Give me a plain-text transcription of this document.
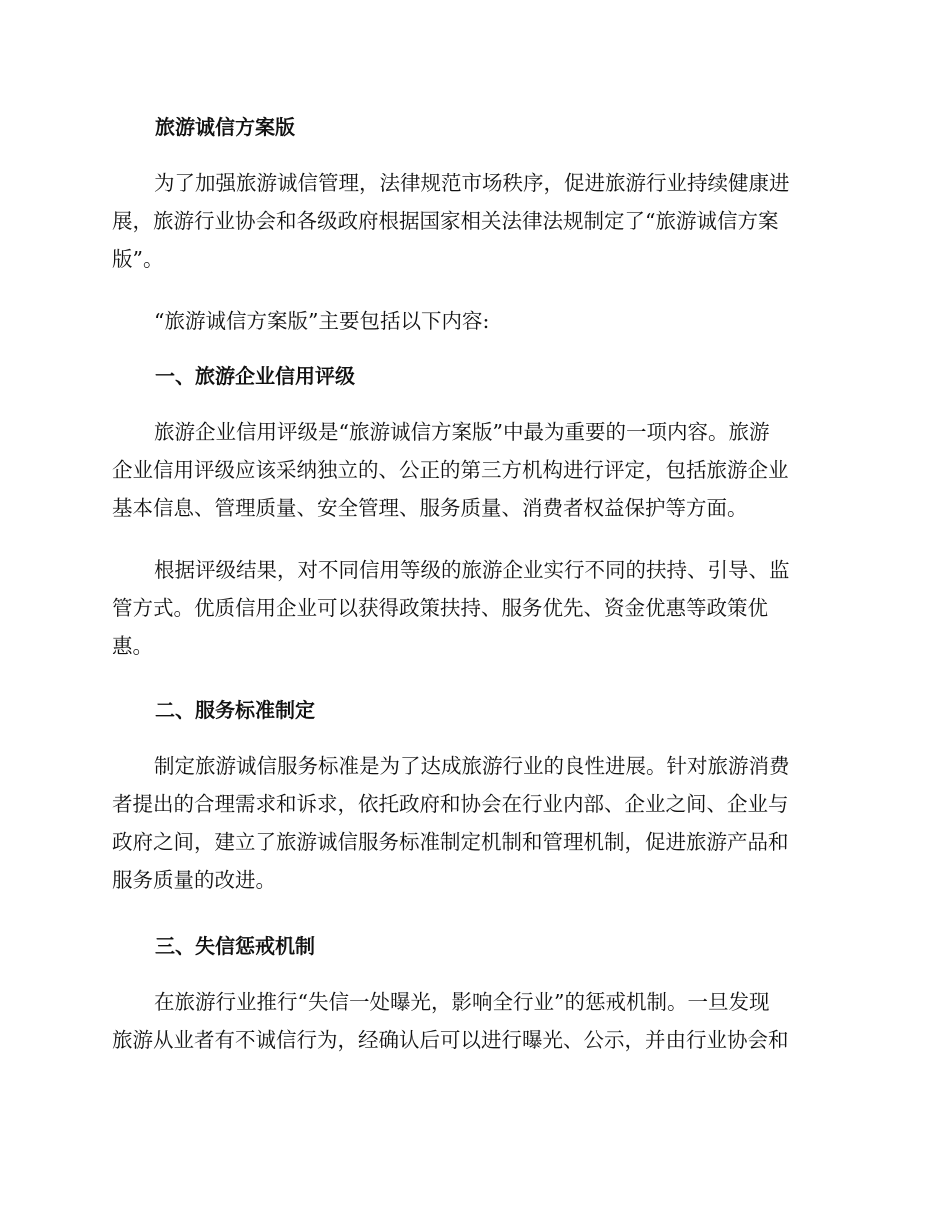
旅游诚信方案版
为了加强旅游诚信管理，法律规范市场秩序，促进旅游行业持续健康进
展，旅游行业协会和各级政府根据国家相关法律法规制定了“旅游诚信方案
版”。
“旅游诚信方案版”主要包括以下内容:
一、旅游企业信用评级
旅游企业信用评级是“旅游诚信方案版”中最为重要的一项内容。旅游
企业信用评级应该采纳独立的、公正的第三方机构进行评定，包括旅游企业
基本信息、管理质量、安全管理、服务质量、消费者权益保护等方面。
根据评级结果，对不同信用等级的旅游企业实行不同的扶持、引导、监
管方式。优质信用企业可以获得政策扶持、服务优先、资金优惠等政策优
惠。
二、服务标准制定
制定旅游诚信服务标准是为了达成旅游行业的良性进展。针对旅游消费
者提出的合理需求和诉求，依托政府和协会在行业内部、企业之间、企业与
政府之间，建立了旅游诚信服务标准制定机制和管理机制，促进旅游产品和
服务质量的改进。
三、失信惩戒机制
在旅游行业推行“失信一处曝光，影响全行业”的惩戒机制。一旦发现
旅游从业者有不诚信行为，经确认后可以进行曝光、公示，并由行业协会和
